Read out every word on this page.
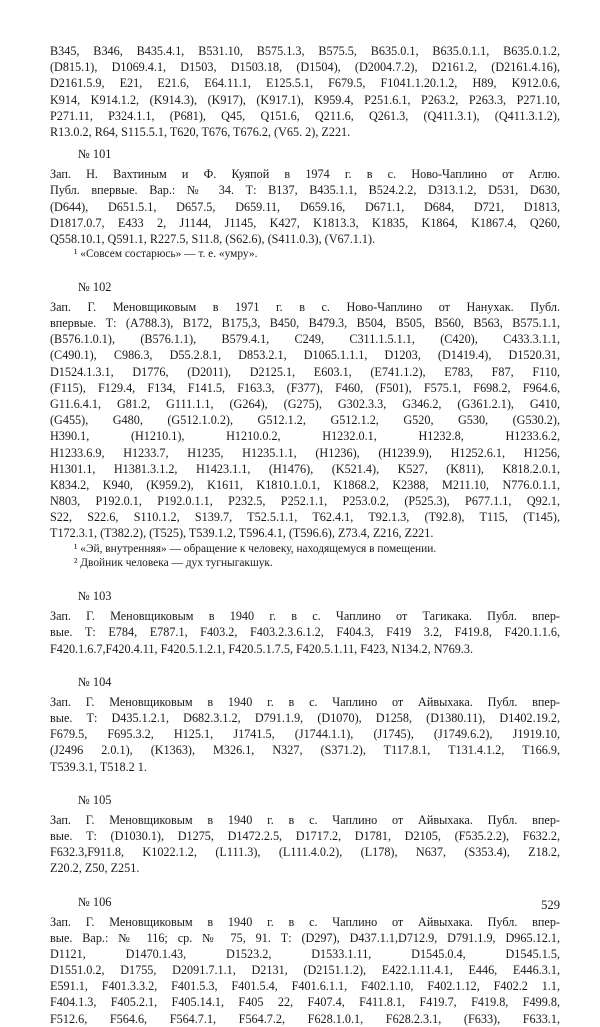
B345, B346, B435.4.1, B531.10, B575.1.3, B575.5, B635.0.1, B635.0.1.1, B635.0.1.2,
(D815.1), D1069.4.1, D1503, D1503.18, (D1504), (D2004.7.2), D2161.2, (D2161.4.16),
D2161.5.9, E21, E21.6, E64.11.1, E125.5.1, F679.5, F1041.1.20.1.2, H89, K912.0.6,
K914, K914.1.2, (K914.3), (K917), (K917.1), K959.4, P251.6.1, P263.2, P263.3, P271.10,
P271.11, P324.1.1, (P681), Q45, Q151.6, Q211.6, Q261.3, (Q411.3.1), (Q411.3.1.2),
R13.0.2, R64, S115.5.1, T620, T676, T676.2, (V65. 2), Z221.
№ 101
Зап. Н. Вахтиным и Ф. Куяпой в 1974 г. в с. Ново-Чаплино от Аглю.
Публ. впервые. Вар.: № 34. Т: B137, B435.1.1, B524.2.2, D313.1.2, D531, D630,
(D644), D651.5.1, D657.5, D659.11, D659.16, D671.1, D684, D721, D1813,
D1817.0.7, E433 2, J1144, J1145, K427, K1813.3, K1835, K1864, K1867.4, Q260,
Q558.10.1, Q591.1, R227.5, S11.8, (S62.6), (S411.0.3), (V67.1.1).
¹ «Совсем состарюсь» — т. е. «умру».
№ 102
Зап. Г. Меновщиковым в 1971 г. в с. Ново-Чаплино от Нанухак. Публ.
впервые. Т: (A788.3), B172, B175,3, B450, B479.3, B504, B505, B560, B563, B575.1.1,
(B576.1.0.1), (B576.1.1), B579.4.1, C249, C311.1.5.1.1, (C420), C433.3.1.1,
(C490.1), C986.3, D55.2.8.1, D853.2.1, D1065.1.1.1, D1203, (D1419.4), D1520.31,
D1524.1.3.1, D1776, (D2011), D2125.1, E603.1, (E741.1.2), E783, F87, F110,
(F115), F129.4, F134, F141.5, F163.3, (F377), F460, (F501), F575.1, F698.2, F964.6,
G11.6.4.1, G81.2, G111.1.1, (G264), (G275), G302.3.3, G346.2, (G361.2.1), G410,
(G455), G480, (G512.1.0.2), G512.1.2, G512.1.2, G520, G530, (G530.2),
H390.1, (H1210.1), H1210.0.2, H1232.0.1, H1232.8, H1233.6.2,
H1233.6.9, H1233.7, H1235, H1235.1.1, (H1236), (H1239.9), H1252.6.1, H1256,
H1301.1, H1381.3.1.2, H1423.1.1, (H1476), (K521.4), K527, (K811), K818.2.0.1,
K834.2, K940, (K959.2), K1611, K1810.1.0.1, K1868.2, K2388, M211.10, N776.0.1.1,
N803, P192.0.1, P192.0.1.1, P232.5, P252.1.1, P253.0.2, (P525.3), P677.1.1, Q92.1,
S22, S22.6, S110.1.2, S139.7, T52.5.1.1, T62.4.1, T92.1.3, (T92.8), T115, (T145),
T172.3.1, (T382.2), (T525), T539.1.2, T596.4.1, (T596.6), Z73.4, Z216, Z221.
¹ «Эй, внутренняя» — обращение к человеку, находящемуся в помещении.
² Двойник человека — дух тугныгакшук.
№ 103
Зап. Г. Меновщиковым в 1940 г. в с. Чаплино от Тагикака. Публ. впер-
вые. Т: E784, E787.1, F403.2, F403.2.3.6.1.2, F404.3, F419 3.2, F419.8, F420.1.1.6,
F420.1.6.7,F420.4.11, F420.5.1.2.1, F420.5.1.7.5, F420.5.1.11, F423, N134.2, N769.3.
№ 104
Зап. Г. Меновщиковым в 1940 г. в с. Чаплино от Айвыхака. Публ. впер-
вые. Т: D435.1.2.1, D682.3.1.2, D791.1.9, (D1070), D1258, (D1380.11), D1402.19.2,
F679.5, F695.3.2, H125.1, J1741.5, (J1744.1.1), (J1745), (J1749.6.2), J1919.10,
(J2496 2.0.1), (K1363), M326.1, N327, (S371.2), T117.8.1, T131.4.1.2, T166.9,
T539.3.1, T518.2 1.
№ 105
Зап. Г. Меновщиковым в 1940 г. в с. Чаплино от Айвыхака. Публ. впер-
вые. Т: (D1030.1), D1275, D1472.2.5, D1717.2, D1781, D2105, (F535.2.2), F632.2,
F632.3,F911.8, K1022.1.2, (L111.3), (L111.4.0.2), (L178), N637, (S353.4), Z18.2,
Z20.2, Z50, Z251.
№ 106
Зап. Г. Меновщиковым в 1940 г. в с. Чаплино от Айвыхака. Публ. впер-
вые. Вар.: № 116; ср. № 75, 91. Т: (D297), D437.1.1,D712.9, D791.1.9, D965.12.1,
D1121, D1470.1.43, D1523.2, D1533.1.11, D1545.0.4, D1545.1.5,
D1551.0.2, D1755, D2091.7.1.1, D2131, (D2151.1.2), E422.1.11.4.1, E446, E446.3.1,
E591.1, F401.3.3.2, F401.5.3, F401.5.4, F401.6.1.1, F402.1.10, F402.1.12, F402.2 1.1,
F404.1.3, F405.2.1, F405.14.1, F405 22, F407.4, F411.8.1, F419.7, F419.8, F499.8,
F512.6, F564.6, F564.7.1, F564.7.2, F628.1.0.1, F628.2.3.1, (F633), F633.1,
529
